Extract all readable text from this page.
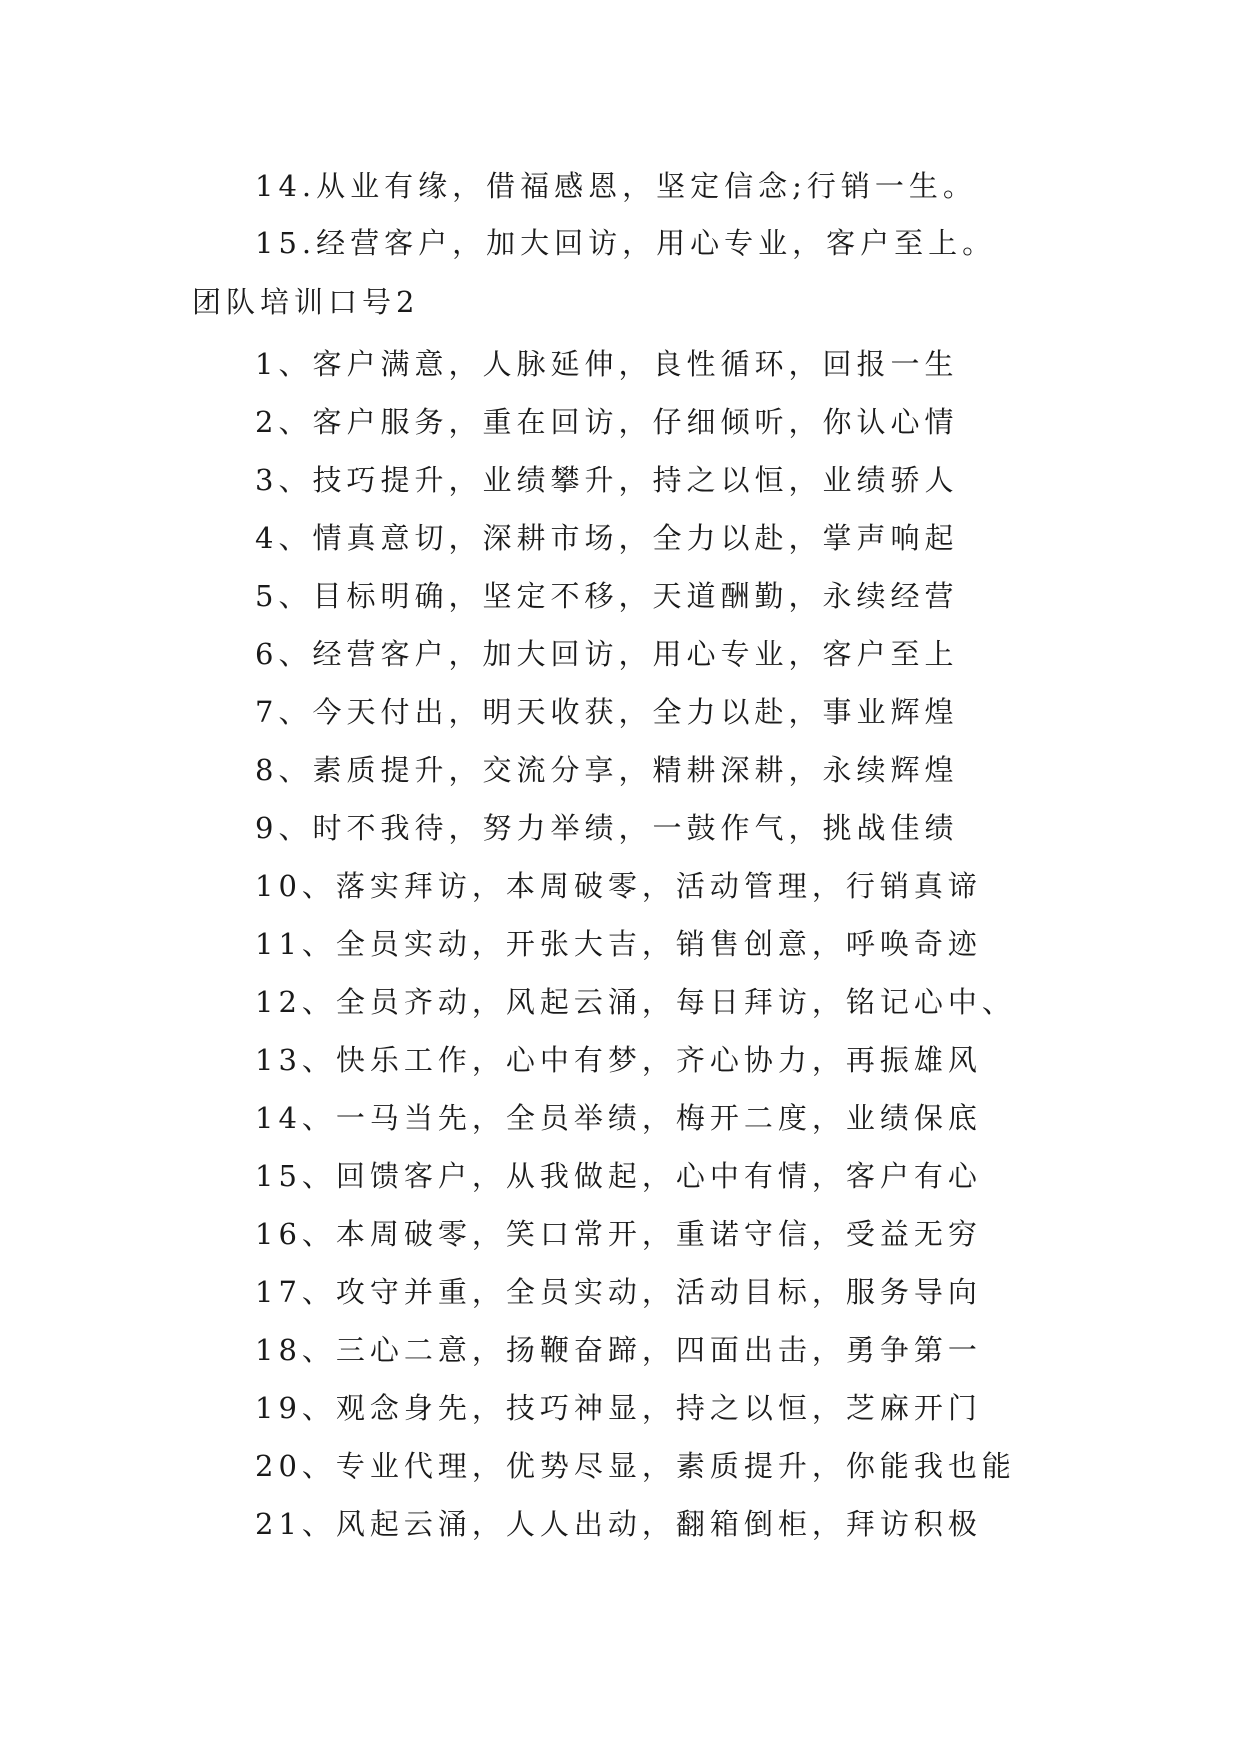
14.从业有缘，借福感恩，坚定信念;行销一生。
15.经营客户，加大回访，用心专业，客户至上。
团队培训口号2
1、客户满意，人脉延伸，良性循环，回报一生
2、客户服务，重在回访，仔细倾听，你认心情
3、技巧提升，业绩攀升，持之以恒，业绩骄人
4、情真意切，深耕市场，全力以赴，掌声响起
5、目标明确，坚定不移，天道酬勤，永续经营
6、经营客户，加大回访，用心专业，客户至上
7、今天付出，明天收获，全力以赴，事业辉煌
8、素质提升，交流分享，精耕深耕，永续辉煌
9、时不我待，努力举绩，一鼓作气，挑战佳绩
10、落实拜访，本周破零，活动管理，行销真谛
11、全员实动，开张大吉，销售创意，呼唤奇迹
12、全员齐动，风起云涌，每日拜访，铭记心中、
13、快乐工作，心中有梦，齐心协力，再振雄风
14、一马当先，全员举绩，梅开二度，业绩保底
15、回馈客户，从我做起，心中有情，客户有心
16、本周破零，笑口常开，重诺守信，受益无穷
17、攻守并重，全员实动，活动目标，服务导向
18、三心二意，扬鞭奋蹄，四面出击，勇争第一
19、观念身先，技巧神显，持之以恒，芝麻开门
20、专业代理，优势尽显，素质提升，你能我也能
21、风起云涌，人人出动，翻箱倒柜，拜访积极
